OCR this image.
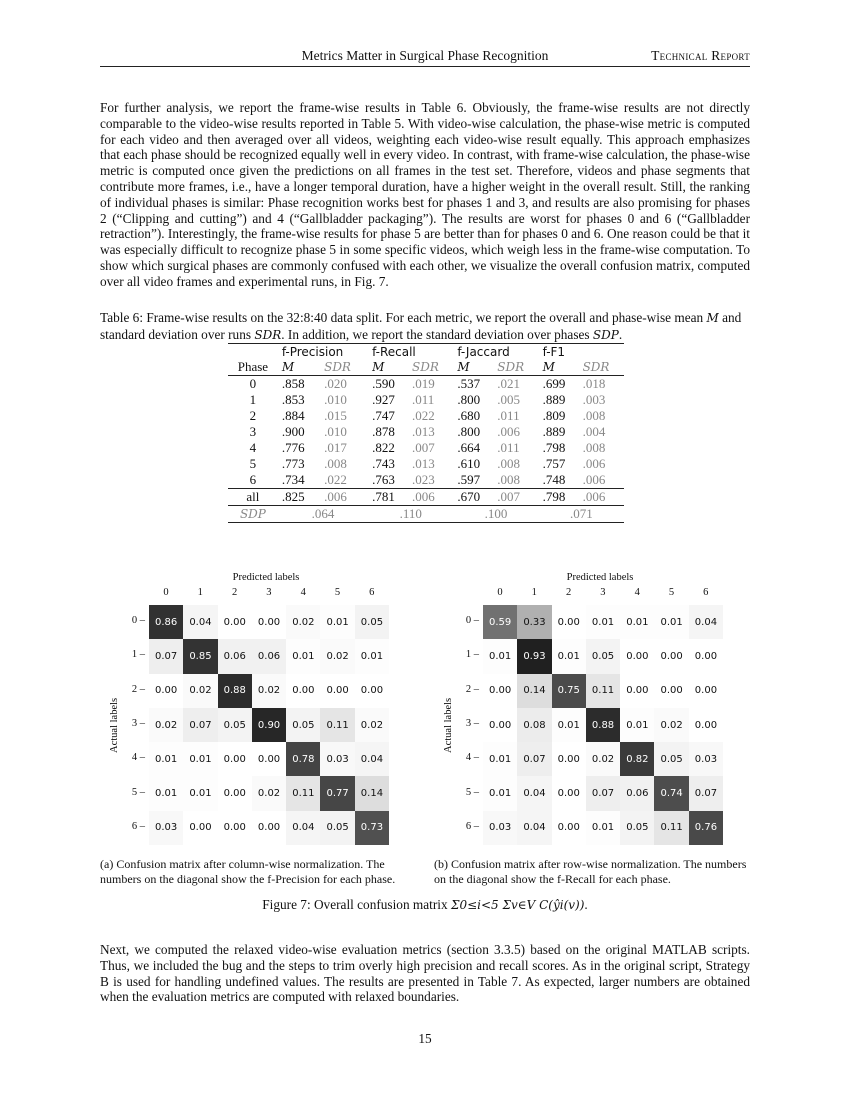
Metrics Matter in Surgical Phase Recognition	Technical Report

For further analysis, we report the frame-wise results in Table 6. Obviously, the frame-wise results are not directly comparable to the video-wise results reported in Table 5. With video-wise calculation, the phase-wise metric is computed for each video and then averaged over all videos, weighting each video-wise result equally. This approach emphasizes that each phase should be recognized equally well in every video. In contrast, with frame-wise calculation, the phase-wise metric is computed once given the predictions on all frames in the test set. Therefore, videos and phase segments that contribute more frames, i.e., have a longer temporal duration, have a higher weight in the overall result. Still, the ranking of individual phases is similar: Phase recognition works best for phases 1 and 3, and results are also promising for phases 2 (“Clipping and cutting”) and 4 (“Gallbladder packaging”). The results are worst for phases 0 and 6 (“Gallbladder retraction”). Interestingly, the frame-wise results for phase 5 are better than for phases 0 and 6. One reason could be that it was especially difficult to recognize phase 5 in some specific videos, which weigh less in the frame-wise computation. To show which surgical phases are commonly confused with each other, we visualize the overall confusion matrix, computed over all video frames and experimental runs, in Fig. 7.

Table 6: Frame-wise results on the 32:8:40 data split. For each metric, we report the overall and phase-wise mean M and standard deviation over runs SDR. In addition, we report the standard deviation over phases SDP.

	f-Precision		f-Recall		f-Jaccard		f-F1	
Phase	M	SDR	M	SDR	M	SDR	M	SDR
0	.858	.020	.590	.019	.537	.021	.699	.018
1	.853	.010	.927	.011	.800	.005	.889	.003
2	.884	.015	.747	.022	.680	.011	.809	.008
3	.900	.010	.878	.013	.800	.006	.889	.004
4	.776	.017	.822	.007	.664	.011	.798	.008
5	.773	.008	.743	.013	.610	.008	.757	.006
6	.734	.022	.763	.023	.597	.008	.748	.006
all	.825	.006	.781	.006	.670	.007	.798	.006
SDP	.064		.110		.100		.071	
Predicted labels
0	1	2	3	4	5	6
0 –
1 –
2 –
3 –
4 –
5 –
6 –
Actual labels
0.86	0.04	0.00	0.00	0.02	0.01	0.05
0.07	0.85	0.06	0.06	0.01	0.02	0.01
0.00	0.02	0.88	0.02	0.00	0.00	0.00
0.02	0.07	0.05	0.90	0.05	0.11	0.02
0.01	0.01	0.00	0.00	0.78	0.03	0.04
0.01	0.01	0.00	0.02	0.11	0.77	0.14
0.03	0.00	0.00	0.00	0.04	0.05	0.73
Predicted labels
0	1	2	3	4	5	6
0 –
1 –
2 –
3 –
4 –
5 –
6 –
Actual labels
0.59	0.33	0.00	0.01	0.01	0.01	0.04
0.01	0.93	0.01	0.05	0.00	0.00	0.00
0.00	0.14	0.75	0.11	0.00	0.00	0.00
0.00	0.08	0.01	0.88	0.01	0.02	0.00
0.01	0.07	0.00	0.02	0.82	0.05	0.03
0.01	0.04	0.00	0.07	0.06	0.74	0.07
0.03	0.04	0.00	0.01	0.05	0.11	0.76
(a) Confusion matrix after column-wise normalization. The numbers on the diagonal show the f-Precision for each phase.
(b) Confusion matrix after row-wise normalization. The numbers on the diagonal show the f-Recall for each phase.
Figure 7: Overall confusion matrix Σ0≤i<5 Σv∈V C(ŷi(v)).

Next, we computed the relaxed video-wise evaluation metrics (section 3.3.5) based on the original MATLAB scripts. Thus, we included the bug and the steps to trim overly high precision and recall scores. As in the original script, Strategy B is used for handling undefined values. The results are presented in Table 7. As expected, larger numbers are obtained when the evaluation metrics are computed with relaxed boundaries.

15
